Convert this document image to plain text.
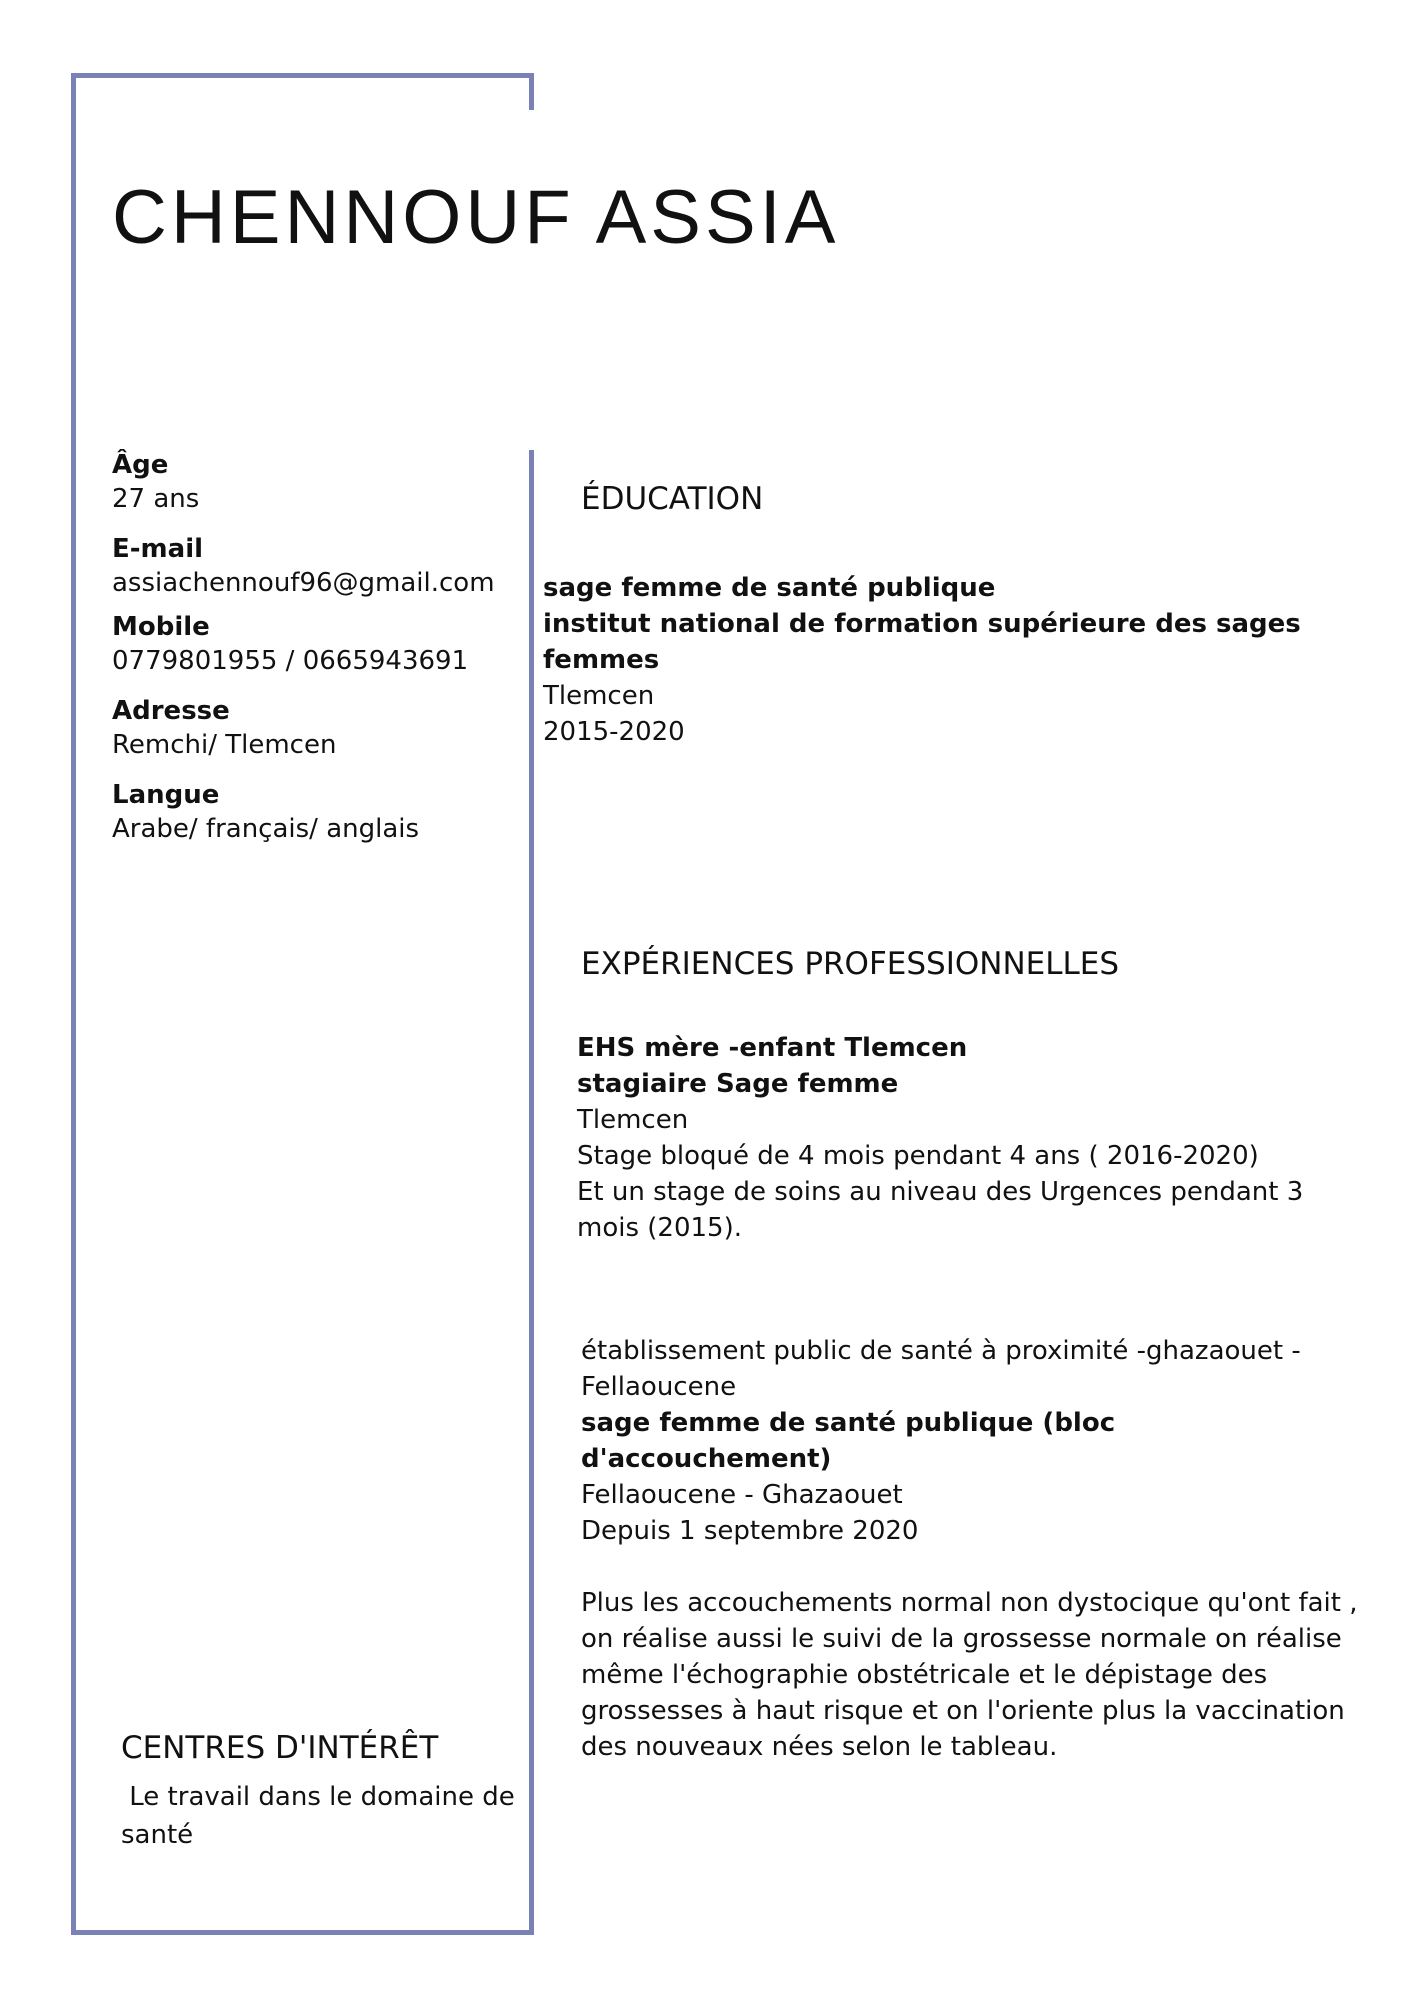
CHENNOUF ASSIA
Âge
27 ans
E-mail
assiachennouf96@gmail.com
Mobile
0779801955 / 0665943691
Adresse
Remchi/ Tlemcen
Langue
Arabe/ français/ anglais
ÉDUCATION
sage femme de santé publique
institut national de formation supérieure des sages femmes
Tlemcen
2015-2020
EXPÉRIENCES PROFESSIONNELLES
EHS mère -enfant Tlemcen
stagiaire Sage femme
Tlemcen
Stage bloqué de 4 mois pendant 4 ans ( 2016-2020)
Et un stage de soins au niveau des Urgences pendant 3 mois (2015).
établissement public de santé à proximité -ghazaouet - Fellaoucene
sage femme de santé publique (bloc d'accouchement)
Fellaoucene - Ghazaouet
Depuis 1 septembre 2020
Plus les accouchements normal non dystocique qu'ont fait , on réalise aussi le suivi de la grossesse normale on réalise même l'échographie obstétricale et le dépistage des grossesses à haut risque et on l'oriente plus la vaccination des nouveaux nées selon le tableau.
CENTRES D'INTÉRÊT
Le travail dans le domaine de santé
